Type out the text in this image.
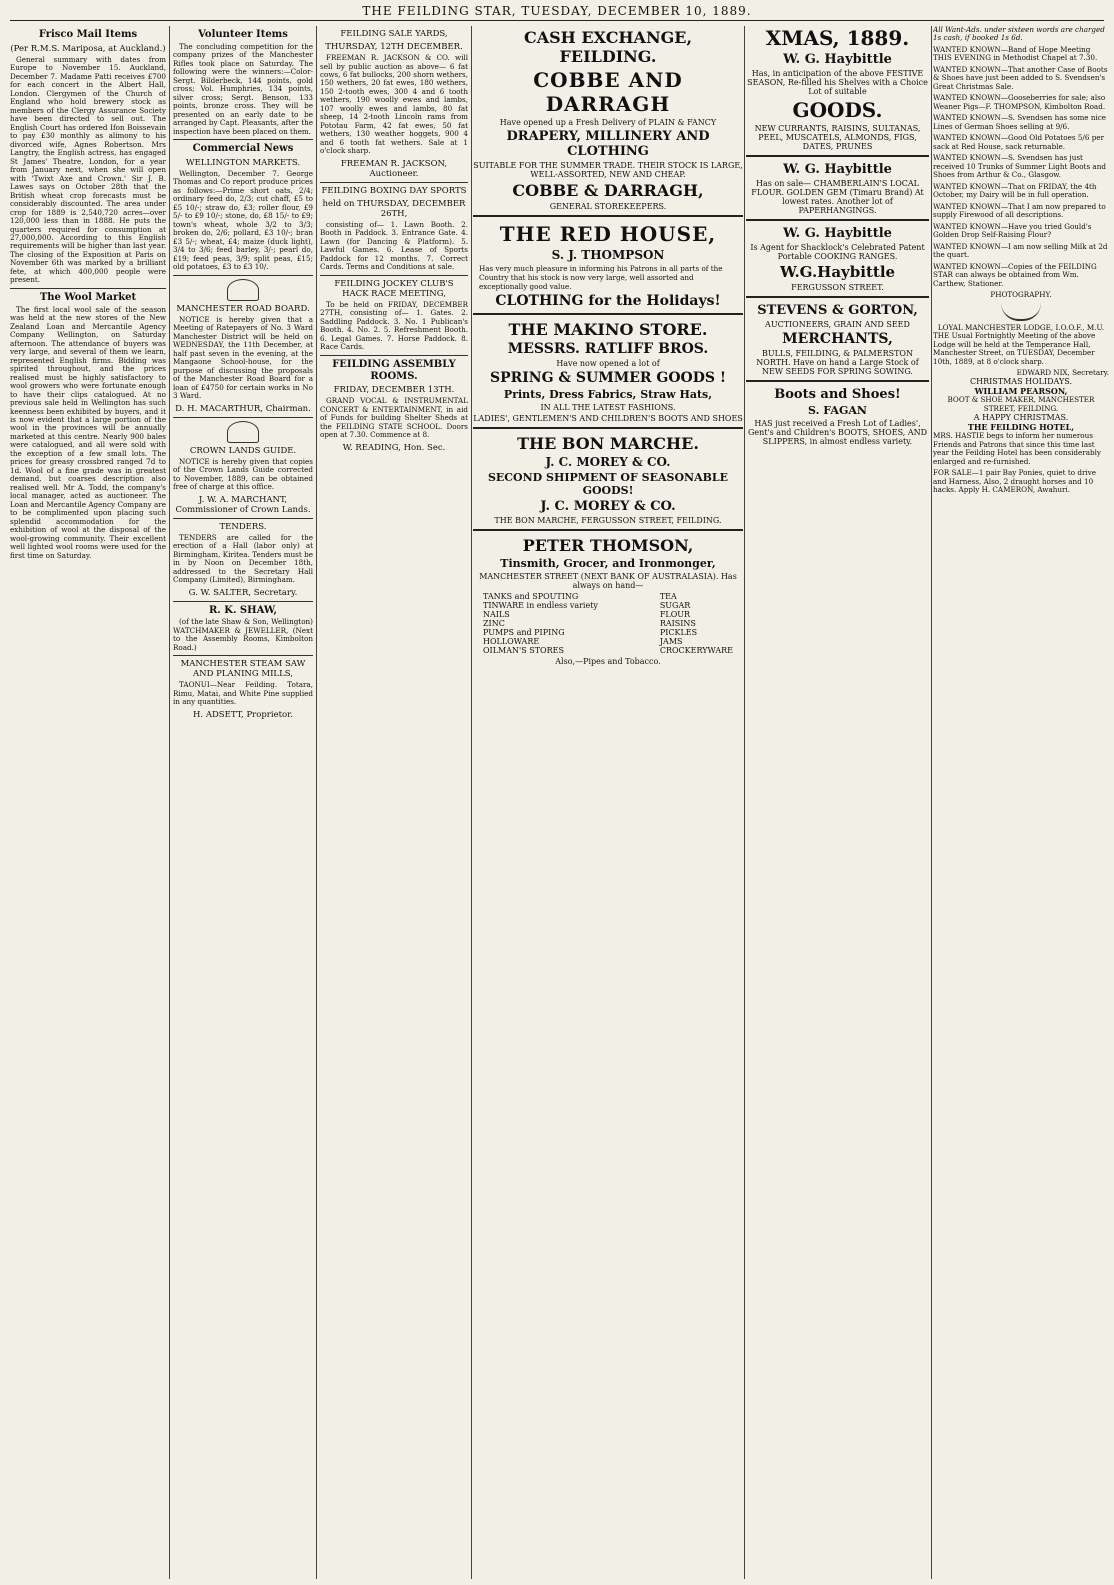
THE FEILDING STAR, TUESDAY, DECEMBER 10, 1889.
Frisco Mail Items
(Per R.M.S. Mariposa, at Auckland.)

General summary with dates from Europe to November 15. Auckland, December 7. Madame Patti receives £700 for each concert in the Albert Hall, London. Clergymen of the Church of England who hold brewery stock as members of the Clergy Assurance Society have been directed to sell out. The English Court has ordered Ifon Boissevain to pay £30 monthly as alimony to his divorced wife, Agnes Robertson. Mrs Langtry, the English actress, has engaged St James' Theatre, London, for a year from January next, when she will open with 'Twixt Axe and Crown.' Sir J. B. Lawes says on October 28th that the British wheat crop forecasts must be considerably discounted. The area under crop for 1889 is 2,540,720 acres—over 120,000 less than in 1888. He puts the quarters required for consumption at 27,000,000. According to this English requirements will be higher than last year. The closing of the Exposition at Paris on November 6th was marked by a brilliant fete, at which 400,000 people were present.

The Wool Market

The first local wool sale of the season was held at the new stores of the New Zealand Loan and Mercantile Agency Company Wellington, on Saturday afternoon. The attendance of buyers was very large, and several of them we learn, represented English firms. Bidding was spirited throughout, and the prices realised must be highly satisfactory to wool growers who were fortunate enough to have their clips catalogued. At no previous sale held in Wellington has such keenness been exhibited by buyers, and it is now evident that a large portion of the wool in the provinces will be annually marketed at this centre. Nearly 900 bales were catalogued, and all were sold with the exception of a few small lots. The prices for greasy crossbred ranged 7d to 1d. Wool of a fine grade was in greatest demand, but coarses description also realised well. Mr A. Todd, the company's local manager, acted as auctioneer. The Loan and Mercantile Agency Company are to be complimented upon placing such splendid accommodation for the exhibition of wool at the disposal of the wool-growing community. Their excellent well lighted wool rooms were used for the first time on Saturday.

Volunteer Items

The concluding competition for the company prizes of the Manchester Rifles took place on Saturday. The following were the winners:—Color-Sergt. Bilderbeck, 144 points, gold cross; Vol. Humphries, 134 points, silver cross; Sergt. Benson, 133 points, bronze cross. They will be presented on an early date to be arranged by Capt. Pleasants, after the inspection have been placed on them.

Commercial News
WELLINGTON MARKETS.

Wellington, December 7. George Thomas and Co report produce prices as follows:—Prime short oats, 2/4; ordinary feed do, 2/3; cut chaff, £5 to £5 10/-; straw do, £3; roller flour, £9 5/- to £9 10/-; stone, do, £8 15/- to £9; town's wheat, whole 3/2 to 3/3; broken do, 2/6; pollard, £3 10/-; bran £3 5/-; wheat, £4; maize (duck light), 3/4 to 3/6; feed barley, 3/-; pearl do, £19; feed peas, 3/9; split peas, £15; old potatoes, £3 to £3 10/.

MANCHESTER ROAD BOARD.

NOTICE is hereby given that a Meeting of Ratepayers of No. 3 Ward Manchester District will be held on WEDNESDAY, the 11th December, at half past seven in the evening, at the Mangaone School-house, for the purpose of discussing the proposals of the Manchester Road Board for a loan of £4750 for certain works in No 3 Ward.

D. H. MACARTHUR, Chairman.
CROWN LANDS GUIDE.

NOTICE is hereby given that copies of the Crown Lands Guide corrected to November, 1889, can be obtained free of charge at this office.

J. W. A. MARCHANT, Commissioner of Crown Lands.
TENDERS.

TENDERS are called for the erection of a Hall (labor only) at Birmingham, Kiritea. Tenders must be in by Noon on December 18th, addressed to the Secretary Hall Company (Limited), Birmingham.

G. W. SALTER, Secretary.
R. K. SHAW,

(of the late Shaw & Son, Wellington) WATCHMAKER & JEWELLER, (Next to the Assembly Rooms, Kimbolton Road.)

MANCHESTER STEAM SAW AND PLANING MILLS,

TAONUI—Near Feilding. Totara, Rimu, Matai, and White Pine supplied in any quantities.

H. ADSETT, Proprietor.
FEILDING SALE YARDS,
THURSDAY, 12TH DECEMBER.

FREEMAN R. JACKSON & CO. will sell by public auction as above— 6 fat cows, 6 fat bullocks, 200 shorn wethers, 150 wethers, 20 fat ewes, 180 wethers, 150 2-tooth ewes, 300 4 and 6 tooth wethers, 190 woolly ewes and lambs, 107 woolly ewes and lambs, 80 fat sheep, 14 2-tooth Lincoln rams from Pototau Farm, 42 fat ewes, 50 fat wethers, 130 weather hoggets, 900 4 and 6 tooth fat wethers. Sale at 1 o'clock sharp.

FREEMAN R. JACKSON, Auctioneer.
FEILDING BOXING DAY SPORTS
held on THURSDAY, DECEMBER 26TH,

consisting of— 1. Lawn Booth. 2. Booth in Paddock. 3. Entrance Gate. 4. Lawn (for Dancing & Platform). 5. Lawful Games. 6. Lease of Sports Paddock for 12 months. 7. Correct Cards. Terms and Conditions at sale.

FEILDING JOCKEY CLUB'S HACK RACE MEETING,

To be held on FRIDAY, DECEMBER 27TH, consisting of— 1. Gates. 2. Saddling Paddock. 3. No. 1 Publican's Booth. 4. No. 2. 5. Refreshment Booth. 6. Legal Games. 7. Horse Paddock. 8. Race Cards.

FEILDING ASSEMBLY ROOMS.
FRIDAY, DECEMBER 13TH.

GRAND VOCAL & INSTRUMENTAL CONCERT & ENTERTAINMENT, in aid of Funds for building Shelter Sheds at the FEILDING STATE SCHOOL. Doors open at 7.30. Commence at 8.

W. READING, Hon. Sec.
CASH EXCHANGE, FEILDING.
COBBE AND DARRAGH
Have opened up a Fresh Delivery of PLAIN & FANCY
DRAPERY, MILLINERY AND CLOTHING
SUITABLE FOR THE SUMMER TRADE. THEIR STOCK IS LARGE, WELL-ASSORTED, NEW AND CHEAP.
COBBE & DARRAGH,
GENERAL STOREKEEPERS.
THE RED HOUSE,
S. J. THOMPSON
Has very much pleasure in informing his Patrons in all parts of the Country that his stock is now very large, well assorted and exceptionally good value.
CLOTHING for the Holidays!
THE MAKINO STORE.
MESSRS. RATLIFF BROS.
Have now opened a lot of
SPRING & SUMMER GOODS !
Prints, Dress Fabrics, Straw Hats,
IN ALL THE LATEST FASHIONS.
LADIES', GENTLEMEN'S AND CHILDREN'S BOOTS AND SHOES
THE BON MARCHE.
J. C. MOREY & CO.
SECOND SHIPMENT OF SEASONABLE GOODS!
J. C. MOREY & CO.
THE BON MARCHE, FERGUSSON STREET, FEILDING.
PETER THOMSON,
Tinsmith, Grocer, and Ironmonger,
MANCHESTER STREET (NEXT BANK OF AUSTRALASIA). Has always on hand—
TANKS and SPOUTING
TINWARE in endless variety
NAILS
ZINC
PUMPS and PIPING
HOLLOWARE
OILMAN'S STORES
TEA
SUGAR
FLOUR
RAISINS
PICKLES
JAMS
CROCKERYWARE
Also,—Pipes and Tobacco.
XMAS, 1889.
W. G. Haybittle
Has, in anticipation of the above FESTIVE SEASON, Re-filled his Shelves with a Choice Lot of suitable
GOODS.
NEW CURRANTS, RAISINS, SULTANAS, PEEL, MUSCATELS, ALMONDS, FIGS, DATES, PRUNES
W. G. Haybittle
Has on sale— CHAMBERLAIN'S LOCAL FLOUR. GOLDEN GEM (Timaru Brand) At lowest rates. Another lot of PAPERHANGINGS.
W. G. Haybittle
Is Agent for Shacklock's Celebrated Patent Portable COOKING RANGES.
W.G.Haybittle
FERGUSSON STREET.
STEVENS & GORTON,
AUCTIONEERS, GRAIN AND SEED
MERCHANTS,
BULLS, FEILDING, & PALMERSTON NORTH. Have on hand a Large Stock of NEW SEEDS FOR SPRING SOWING.
Boots and Shoes!
S. FAGAN
HAS just received a Fresh Lot of Ladies', Gent's and Children's BOOTS, SHOES, AND SLIPPERS, in almost endless variety.

All Want-Ads. under sixteen words are charged 1s cash, if booked 1s 6d.

WANTED KNOWN—Band of Hope Meeting THIS EVENING in Methodist Chapel at 7.30.

WANTED KNOWN—That another Case of Boots & Shoes have just been added to S. Svendsen's Great Christmas Sale.

WANTED KNOWN—Gooseberries for sale; also Weaner Pigs—F. THOMPSON, Kimbolton Road.

WANTED KNOWN—S. Svendsen has some nice Lines of German Shoes selling at 9/6.

WANTED KNOWN—Good Old Potatoes 5/6 per sack at Red House, sack returnable.

WANTED KNOWN—S. Svendsen has just received 10 Trunks of Summer Light Boots and Shoes from Arthur & Co., Glasgow.

WANTED KNOWN—That on FRIDAY, the 4th October, my Dairy will be in full operation.

WANTED KNOWN—That I am now prepared to supply Firewood of all descriptions.

WANTED KNOWN—Have you tried Gould's Golden Drop Self-Raising Flour?

WANTED KNOWN—I am now selling Milk at 2d the quart.

WANTED KNOWN—Copies of the FEILDING STAR can always be obtained from Wm. Carthew, Stationer.

PHOTOGRAPHY.
LOYAL MANCHESTER LODGE, I.O.O.F., M.U.

THE Usual Fortnightly Meeting of the above Lodge will be held at the Temperance Hall, Manchester Street, on TUESDAY, December 10th, 1889, at 8 o'clock sharp.

EDWARD NIX, Secretary.
CHRISTMAS HOLIDAYS.
WILLIAM PEARSON,
BOOT & SHOE MAKER, MANCHESTER STREET, FEILDING.
A HAPPY CHRISTMAS.
THE FEILDING HOTEL,

MRS. HASTIE begs to inform her numerous Friends and Patrons that since this time last year the Feilding Hotel has been considerably enlarged and re-furnished.

FOR SALE—1 pair Bay Ponies, quiet to drive and Harness, Also, 2 draught horses and 10 hacks. Apply H. CAMERON, Awahuri.
